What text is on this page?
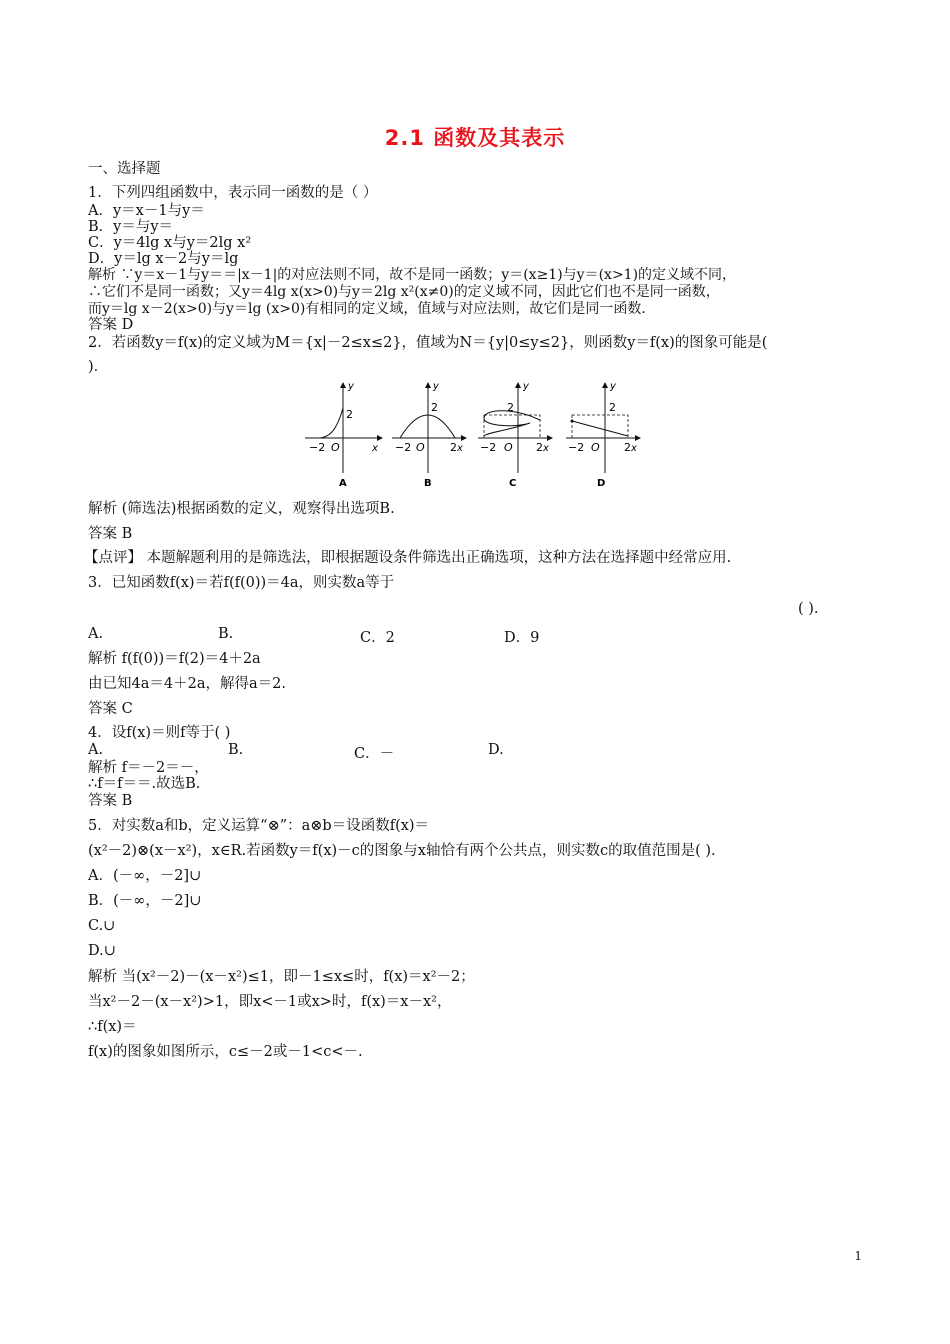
2.1 函数及其表示
一、选择题
1．下列四组函数中，表示同一函数的是（ ）
A．y＝x－1与y＝
B．y＝与y＝
C．y＝4lg x与y＝2lg x²
D．y＝lg x－2与y＝lg
解析 ∵y＝x－1与y＝＝|x－1|的对应法则不同，故不是同一函数；y＝(x≥1)与y＝(x>1)的定义域不同，
∴它们不是同一函数；又y＝4lg x(x>0)与y＝2lg x²(x≠0)的定义域不同，因此它们也不是同一函数，
而y＝lg x－2(x>0)与y＝lg (x>0)有相同的定义域，值域与对应法则，故它们是同一函数．
答案 D
2．若函数y＝f(x)的定义域为M＝{x|－2≤x≤2}，值域为N＝{y|0≤y≤2}，则函数y＝f(x)的图象可能是(
)．
y
2
−2 O	x
A
y
2
−2 O 2 x
B
y
2
−2 O 2 x
C
y
2
−2 O 2 x
D
解析 (筛选法)根据函数的定义，观察得出选项B.
答案 B
【点评】 本题解题利用的是筛选法，即根据题设条件筛选出正确选项，这种方法在选择题中经常应用.
3．已知函数f(x)＝若f(f(0))＝4a，则实数a等于
( ).
A.	B.	C．2	D．9
解析 f(f(0))＝f(2)＝4＋2a
由已知4a＝4＋2a，解得a＝2.
答案 C
4．设f(x)＝则f等于( )
A.	B.	C．－	D.
解析 f＝－2＝－，
∴f＝f＝＝.故选B.
答案 B
5．对实数a和b，定义运算“⊗”：a⊗b＝设函数f(x)＝
(x²－2)⊗(x－x²)，x∈R.若函数y＝f(x)－c的图象与x轴恰有两个公共点，则实数c的取值范围是( ).
A．(－∞，－2]∪
B．(－∞，－2]∪
C.∪
D.∪
解析 当(x²－2)－(x－x²)≤1，即－1≤x≤时，f(x)＝x²－2；
当x²－2－(x－x²)>1，即x<－1或x>时，f(x)＝x－x²，
∴f(x)＝
f(x)的图象如图所示，c≤－2或－1<c<－.
1
